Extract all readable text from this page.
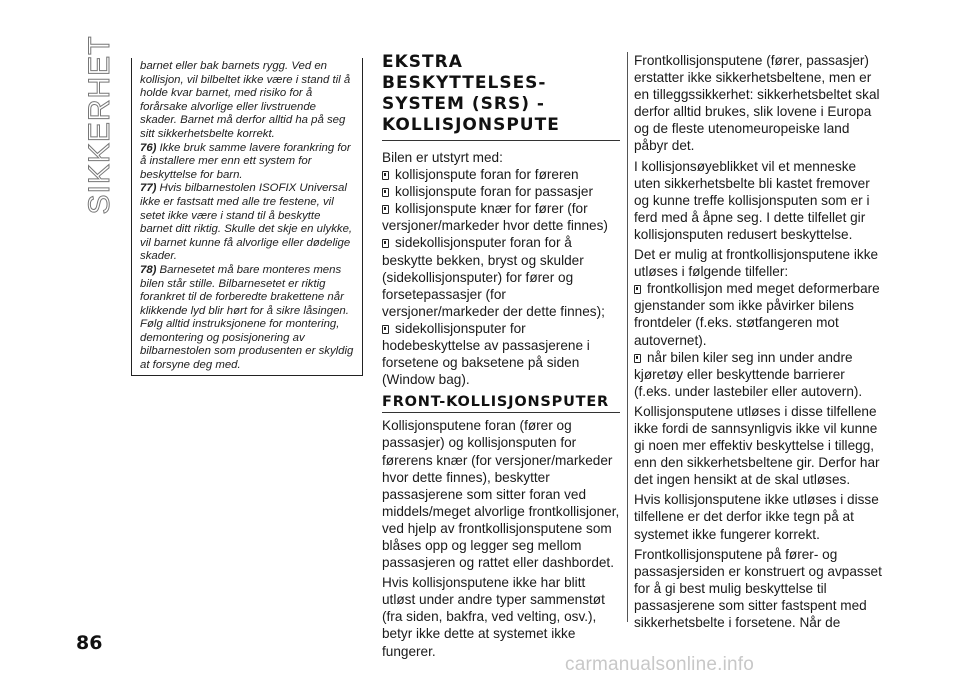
SIKKERHET barnet eller bak barnets rygg. Ved en kollisjon, vil bilbeltet ikke være i stand til å holde kvar barnet, med risiko for å forårsake alvorlige eller livstruende skader. Barnet må derfor alltid ha på seg sitt sikkerhetsbelte korrekt.

76) Ikke bruk samme lavere forankring for å installere mer enn ett system for beskyttelse for barn.

77) Hvis bilbarnestolen ISOFIX Universal ikke er fastsatt med alle tre festene, vil setet ikke være i stand til å beskytte barnet ditt riktig. Skulle det skje en ulykke, vil barnet kunne få alvorlige eller dødelige skader.

78) Barnesetet må bare monteres mens bilen står stille. Bilbarnesetet er riktig forankret til de forberedte brakettene når klikkende lyd blir hørt for å sikre låsingen. Følg alltid instruksjonene for montering, demontering og posisjonering av bilbarnestolen som produsenten er skyldig at forsyne deg med.

EKSTRA BESKYTTELSES-SYSTEM (SRS) - KOLLISJONSPUTE

Bilen er utstyrt med:

kollisjonspute foran for føreren
kollisjonspute foran for passasjer
kollisjonspute knær for fører (for versjoner/markeder hvor dette finnes)
sidekollisjonsputer foran for å beskytte bekken, bryst og skulder (sidekollisjonsputer) for fører og forsetepassasjer (for versjoner/markeder der dette finnes);
sidekollisjonsputer for hodebeskyttelse av passasjerene i forsetene og baksetene på siden (Window bag).
FRONT-KOLLISJONSPUTER

Kollisjonsputene foran (fører og passasjer) og kollisjonsputen for førerens knær (for versjoner/markeder hvor dette finnes), beskytter passasjerene som sitter foran ved middels/meget alvorlige frontkollisjoner, ved hjelp av frontkollisjonsputene som blåses opp og legger seg mellom passasjeren og rattet eller dashbordet.

Hvis kollisjonsputene ikke har blitt utløst under andre typer sammenstøt (fra siden, bakfra, ved velting, osv.), betyr ikke dette at systemet ikke fungerer.

Frontkollisjonsputene (fører, passasjer) erstatter ikke sikkerhetsbeltene, men er en tilleggssikkerhet: sikkerhetsbeltet skal derfor alltid brukes, slik lovene i Europa og de fleste utenomeuropeiske land påbyr det.

I kollisjonsøyeblikket vil et menneske uten sikkerhetsbelte bli kastet fremover og kunne treffe kollisjonsputen som er i ferd med å åpne seg. I dette tilfellet gir kollisjonsputen redusert beskyttelse.

Det er mulig at frontkollisjonsputene ikke utløses i følgende tilfeller:

frontkollisjon med meget deformerbare gjenstander som ikke påvirker bilens frontdeler (f.eks. støtfangeren mot autovernet).
når bilen kiler seg inn under andre kjøretøy eller beskyttende barrierer (f.eks. under lastebiler eller autovern).

Kollisjonsputene utløses i disse tilfellene ikke fordi de sannsynligvis ikke vil kunne gi noen mer effektiv beskyttelse i tillegg, enn den sikkerhetsbeltene gir. Derfor har det ingen hensikt at de skal utløses.

Hvis kollisjonsputene ikke utløses i disse tilfellene er det derfor ikke tegn på at systemet ikke fungerer korrekt.

Frontkollisjonsputene på fører- og passasjersiden er konstruert og avpasset for å gi best mulig beskyttelse til passasjerene som sitter fastspent med sikkerhetsbelte i forsetene. Når de

86
carmanualsonline.info
